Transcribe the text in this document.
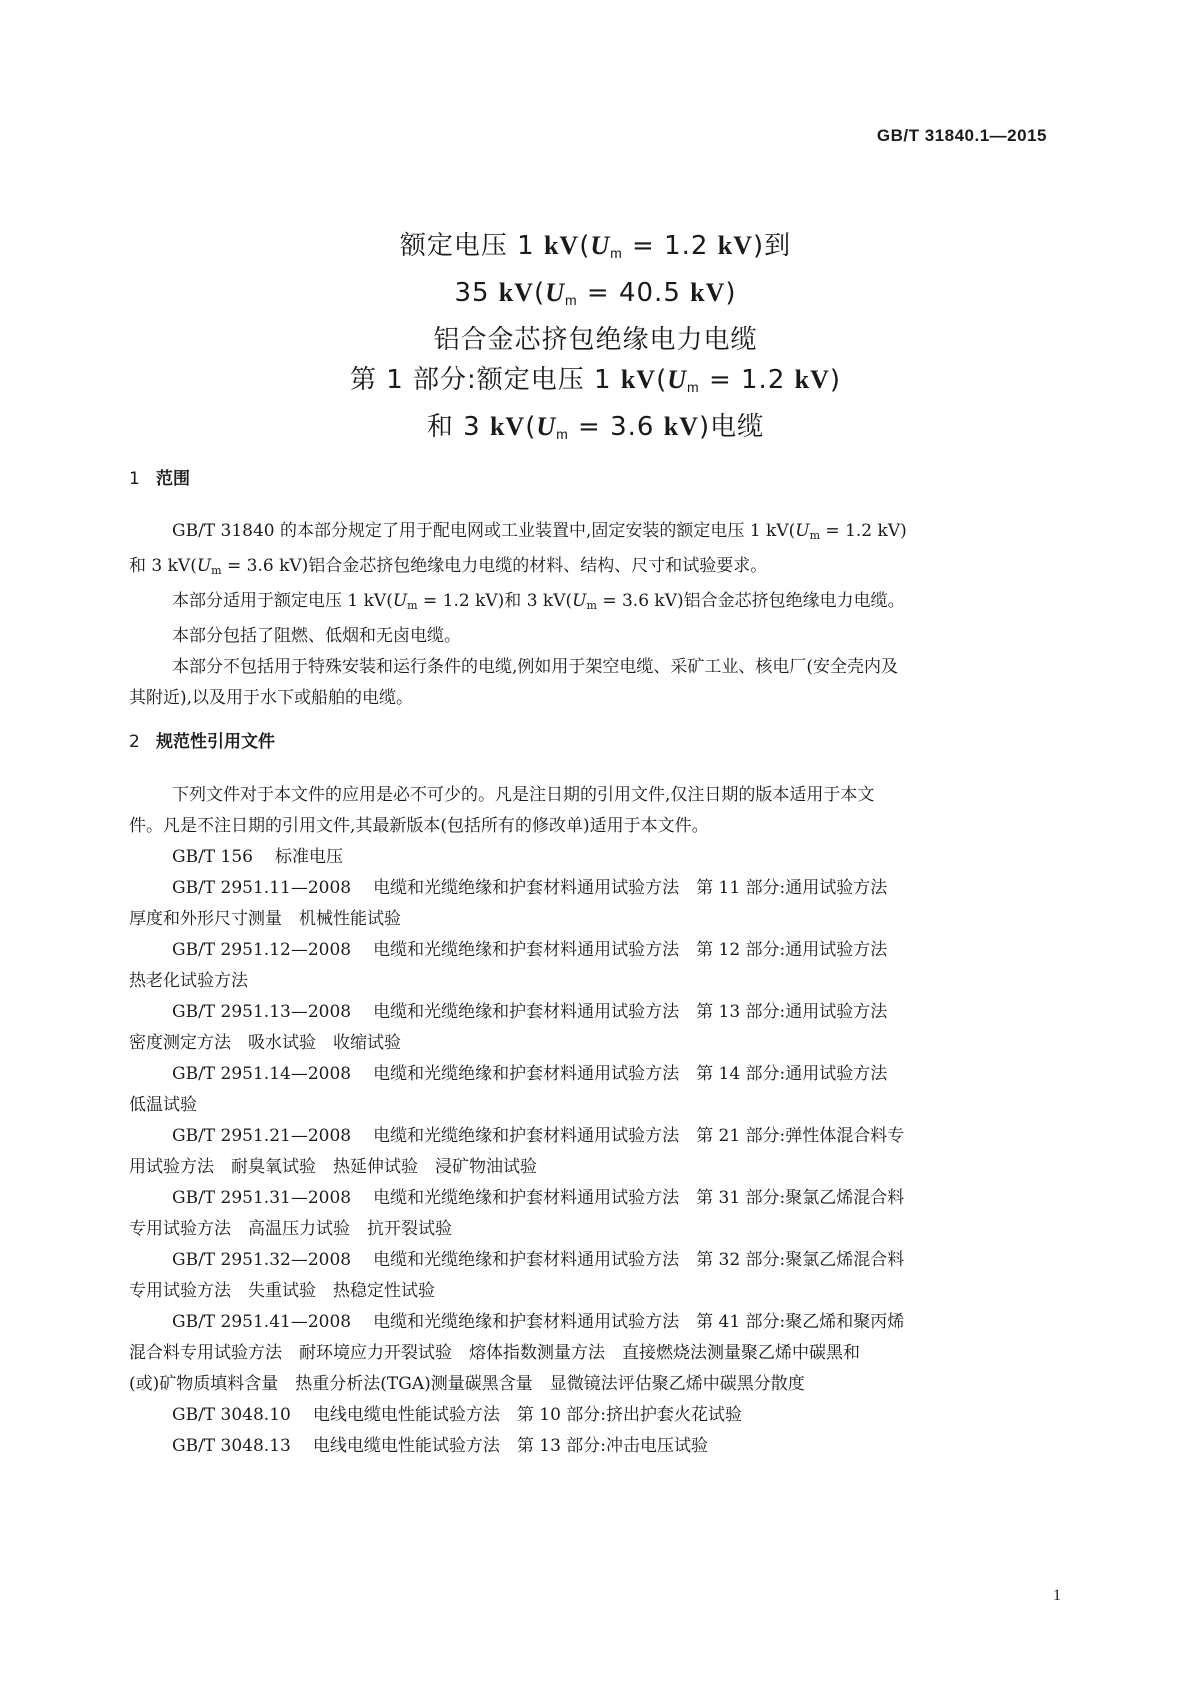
GB/T 31840.1—2015
额定电压 1 $kV(U_m = 1.2$ kV)到
35 $kV(U_m = 40.5$ kV)
铝合金芯挤包绝缘电力电缆
第 1 部分:额定电压 1 $kV(U_m = 1.2$ kV)
和 3 $kV(U_m = 3.6$ kV)电缆
1 范围
GB/T 31840 的本部分规定了用于配电网或工业装置中,固定安装的额定电压 1 $kV(U_m = 1.2$ kV)
和 3 $kV(U_m = 3.6$ kV)铝合金芯挤包绝缘电力电缆的材料、结构、尺寸和试验要求。
本部分适用于额定电压 1 $kV(U_m = 1.2$ kV)和 3 $kV(U_m = 3.6$ kV)铝合金芯挤包绝缘电力电缆。
本部分包括了阻燃、低烟和无卤电缆。
本部分不包括用于特殊安装和运行条件的电缆,例如用于架空电缆、采矿工业、核电厂(安全壳内及
其附近),以及用于水下或船舶的电缆。
2 规范性引用文件
下列文件对于本文件的应用是必不可少的。凡是注日期的引用文件,仅注日期的版本适用于本文
件。凡是不注日期的引用文件,其最新版本(包括所有的修改单)适用于本文件。
GB/T 156 标准电压
GB/T 2951.11—2008 电缆和光缆绝缘和护套材料通用试验方法　第 11 部分:通用试验方法
厚度和外形尺寸测量　机械性能试验
GB/T 2951.12—2008 电缆和光缆绝缘和护套材料通用试验方法　第 12 部分:通用试验方法
热老化试验方法
GB/T 2951.13—2008 电缆和光缆绝缘和护套材料通用试验方法　第 13 部分:通用试验方法
密度测定方法　吸水试验　收缩试验
GB/T 2951.14—2008 电缆和光缆绝缘和护套材料通用试验方法　第 14 部分:通用试验方法
低温试验
GB/T 2951.21—2008 电缆和光缆绝缘和护套材料通用试验方法　第 21 部分:弹性体混合料专
用试验方法　耐臭氧试验　热延伸试验　浸矿物油试验
GB/T 2951.31—2008 电缆和光缆绝缘和护套材料通用试验方法　第 31 部分:聚氯乙烯混合料
专用试验方法　高温压力试验　抗开裂试验
GB/T 2951.32—2008 电缆和光缆绝缘和护套材料通用试验方法　第 32 部分:聚氯乙烯混合料
专用试验方法　失重试验　热稳定性试验
GB/T 2951.41—2008 电缆和光缆绝缘和护套材料通用试验方法　第 41 部分:聚乙烯和聚丙烯
混合料专用试验方法　耐环境应力开裂试验　熔体指数测量方法　直接燃烧法测量聚乙烯中碳黑和
(或)矿物质填料含量　热重分析法(TGA)测量碳黑含量　显微镜法评估聚乙烯中碳黑分散度
GB/T 3048.10 电线电缆电性能试验方法　第 10 部分:挤出护套火花试验
GB/T 3048.13 电线电缆电性能试验方法　第 13 部分:冲击电压试验
1
